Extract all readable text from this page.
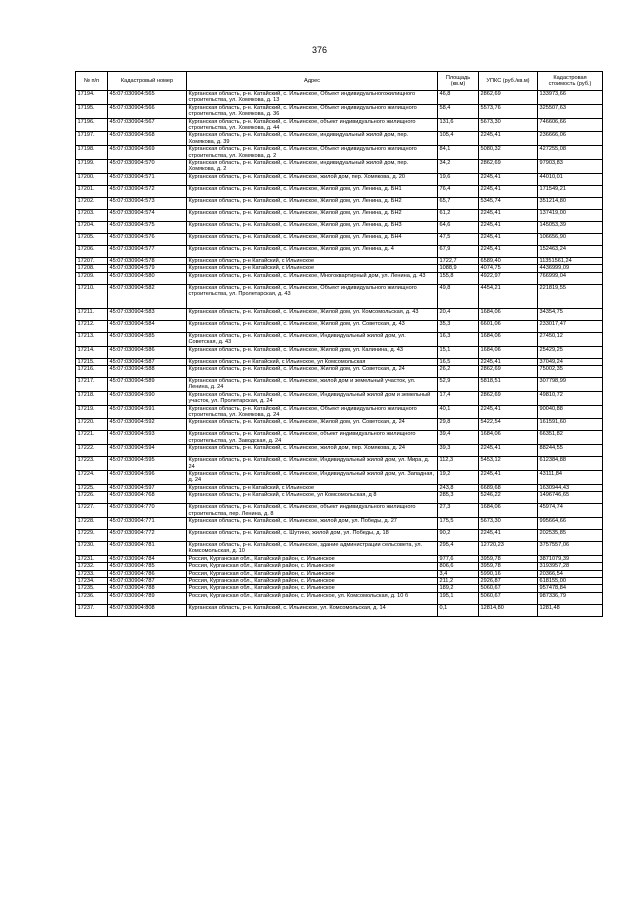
376
№ п/п	Кадастровый номер	Адрес	Площадь (кв.м)	УПКС (руб./кв.м)	Кадастровая стоимость (руб.)
17194.	45:07:030904:565	Курганская область, р-н. Катайский, с. Ильинское, Объект индивидуальногожилищного строительства, ул. Хомякова, д. 13	46,8	2862,69	133973,66
17195.	45:07:030904:566	Курганская область, р-н. Катайский, с. Ильинское, Объект индивидуального жилищного строительства, ул. Хомякова, д. 36	58,4	5573,76	325507,63
17196.	45:07:030904:567	Курганская область, р-н. Катайский, с. Ильинское, объект индивидуального жилищного строительства, ул. Хомякова, д. 44	131,6	5673,30	746606,66
17197.	45:07:030904:568	Курганская область, р-н. Катайский, с. Ильинское, индивидуальный жилой дом, пер. Хомякова, д. 39	105,4	2245,41	236666,06
17198.	45:07:030904:569	Курганская область, р-н. Катайский, с. Ильинское, Объект индивидуального жилищного строительства, ул. Хомякова, д. 2	84,1	5080,32	427255,08
17199.	45:07:030904:570	Курганская область, р-н. Катайский, с. Ильинское, индивидуальный жилой дом, пер. Хомякова, д. 2	34,2	2862,69	97903,83
17200.	45:07:030904:571	Курганская область, р-н. Катайский, с. Ильинское, жилой дом, пер. Хомякова, д. 20	19,6	2245,41	44010,01
17201.	45:07:030904:572	Курганская область, р-н. Катайский, с. Ильинское, Жилой дом, ул. Ленина, д. БН1	76,4	2245,41	171549,21
17202.	45:07:030904:573	Курганская область, р-н. Катайский, с. Ильинское, Жилой дом, ул. Ленина, д. БН2	65,7	5345,74	351214,80
17203.	45:07:030904:574	Курганская область, р-н. Катайский, с. Ильинское, Жилой дом, ул. Ленина, д. БН2	61,2	2245,41	137419,00
17204.	45:07:030904:575	Курганская область, р-н. Катайский, с. Ильинское, Жилой дом, ул. Ленина, д. БН3	64,6	2245,41	145053,39
17205.	45:07:030904:576	Курганская область, р-н. Катайский, с. Ильинское, Жилой дом, ул. Ленина, д. БН4	47,5	2245,41	106656,90
17206.	45:07:030904:577	Курганская область, р-н. Катайский, с. Ильинское, Жилой дом, ул. Ленина, д. 4	67,9	2245,41	152463,24
17207.	45:07:030904:578	Курганская область, р-н Катайский, с Ильинское	1722,7	6589,40	11351561,24
17208.	45:07:030904:579	Курганская область, р-н Катайский, с Ильинское	1088,9	4074,75	4436999,09
17209.	45:07:030904:580	Курганская область, р-н. Катайский, с. Ильинское, Многоквартирный дом, ул. Ленина, д. 43	155,8	4922,97	766999,04
17210.	45:07:030904:582	Курганская область, р-н. Катайский, с. Ильинское, Объект индивидуального жилищного строительства, ул. Пролетарская, д. 43	49,8	4454,21	221819,55
17211.	45:07:030904:583	Курганская область, р-н. Катайский, с. Ильинское, Жилой дом, ул. Комсомольская, д. 43	20,4	1684,06	34354,75
17212.	45:07:030904:584	Курганская область, р-н. Катайский, с. Ильинское, Жилой дом, ул. Советская, д. 43	35,3	6601,06	233017,47
17213.	45:07:030904:585	Курганская область, р-н. Катайский, с. Ильинское, Индивидуальный жилой дом, ул. Советская, д. 43	16,3	1684,06	27450,12
17214.	45:07:030904:586	Курганская область, р-н. Катайский, с. Ильинское, Жилой дом, ул. Калинина, д. 43	15,1	1684,06	25429,25
17215.	45:07:030904:587	Курганская область, р-н Катайский, с Ильинское, ул Комсомольская	16,5	2245,41	37049,24
17216.	45:07:030904:588	Курганская область, р-н. Катайский, с. Ильинское, Жилой дом, ул. Советская, д. 24	26,2	2862,69	75002,35
17217.	45:07:030904:589	Курганская область, р-н. Катайский, с. Ильинское, жилой дом и земельный участок, ул. Ленина, д. 24	52,9	5818,51	307798,99
17218.	45:07:030904:590	Курганская область, р-н. Катайский, с. Ильинское, Индивидуальный жилой дом и земельный участок, ул. Пролетарская, д. 24	17,4	2862,69	49810,72
17219.	45:07:030904:591	Курганская область, р-н. Катайский, с. Ильинское, Объект индивидуального жилищного строительства, ул. Хомякова, д. 24	40,1	2245,41	90040,88
17220.	45:07:030904:592	Курганская область, р-н. Катайский, с. Ильинское, Жилой дом, ул. Советская, д. 24	29,8	5422,54	161591,60
17221.	45:07:030904:593	Курганская область, р-н. Катайский, с. Ильинское, объект индивидуального жилищного строительства, ул. Заводская, д. 24	39,4	1684,06	66351,82
17222.	45:07:030904:594	Курганская область, р-н. Катайский, с. Ильинское, жилой дом, пер. Хомякова, д. 24	39,3	2245,41	88244,55
17223.	45:07:030904:595	Курганская область, р-н. Катайский, с. Ильинское, Индивидуальный жилой дом, ул. Мира, д. 24	112,3	5453,12	612384,88
17224.	45:07:030904:596	Курганская область, р-н. Катайский, с. Ильинское, Индивидуальный жилой дом, ул. Западная, д. 24	19,2	2245,41	43111,84
17225.	45:07:030904:597	Курганская область, р-н Катайский, с Ильинское	243,8	6689,68	1630944,43
17226.	45:07:030904:768	Курганская область, р-н Катайский, с Ильинское, ул Комсомольская, д 8	285,3	5246,22	1496746,65
17227.	45:07:030904:770	Курганская область, р-н. Катайский, с. Ильинское, объект индивидуального жилищного строительства, пер. Ленина, д. 8	27,3	1684,06	45974,74
17228.	45:07:030904:771	Курганская область, р-н. Катайский, с. Ильинское, жилой дом, ул. Победы, д. 27	175,5	5673,30	995664,66
17229.	45:07:030904:772	Курганская область, р-н. Катайский, с. Шутино, жилой дом, ул. Победы, д. 18	90,2	2245,41	202535,85
17230.	45:07:030904:781	Курганская область, р-н. Катайский, с. Ильинское, здание администрации сельсовета, ул. Комсомольская, д. 10	295,4	12720,23	3757557,06
17231.	45:07:030904:784	Россия, Курганская обл., Катайский район, с. Ильинское	977,6	3959,78	3871079,39
17232.	45:07:030904:785	Россия, Курганская обл., Катайский район, с. Ильинское	806,6	3959,78	3193957,28
17233.	45:07:030904:786	Россия, Курганская обл., Катайский район, с. Ильинское	3,4	5990,16	20366,54
17234.	45:07:030904:787	Россия, Курганская обл., Катайский район, с. Ильинское	211,2	2926,87	618155,00
17235.	45:07:030904:788	Россия, Курганская обл., Катайский район, с. Ильинское	189,2	5060,67	957478,84
17236.	45:07:030904:789	Россия, Курганская обл., Катайский район, с. Ильинское, ул. Комсомольская, д. 10 б	195,1	5060,67	987336,79
17237.	45:07:030904:808	Курганская область, р-н. Катайский, с. Ильинское, ул. Комсомольская, д. 14	0,1	12814,80	1281,48
